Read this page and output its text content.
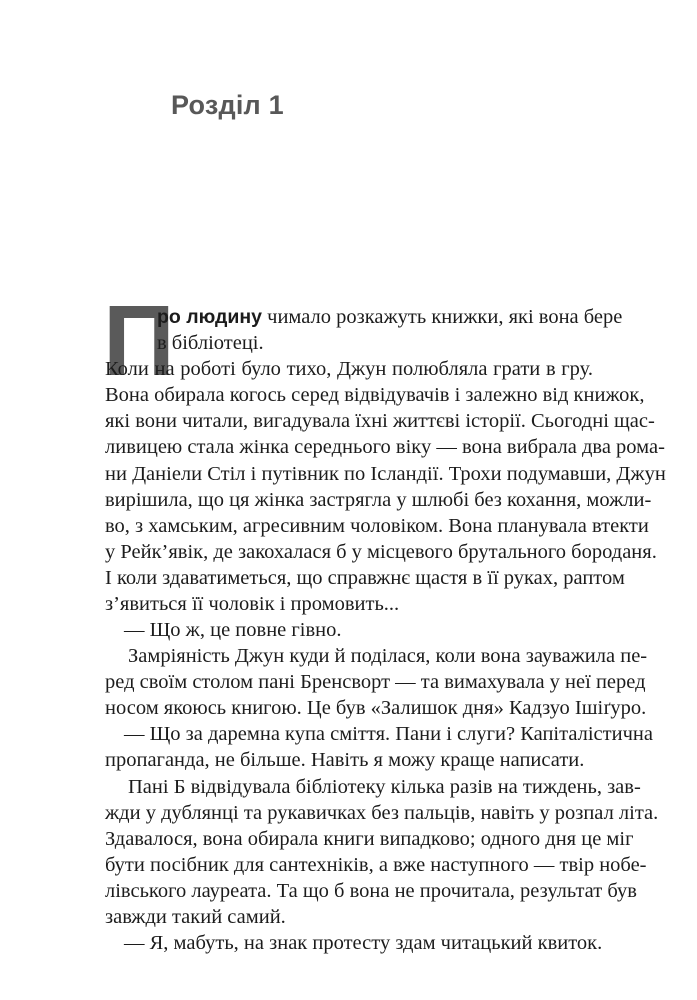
Розділ 1
П

ро людину чимало розкажуть книжки, які вона бере

в бібліотеці.

Коли на роботі було тихо, Джун полюбляла грати в гру.

Вона обирала когось серед відвідувачів і залежно від книжок,

які вони читали, вигадувала їхні життєві історії. Сьогодні щас-

ливицею стала жінка середнього віку — вона вибрала два рома-

ни Даніели Стіл і путівник по Ісландії. Трохи подумавши, Джун

вирішила, що ця жінка застрягла у шлюбі без кохання, можли-

во, з хамським, агресивним чоловіком. Вона планувала втекти

у Рейк’явік, де закохалася б у місцевого брутального бороданя.

І коли здаватиметься, що справжнє щастя в її руках, раптом

з’явиться її чоловік і промовить...

— Що ж, це повне гівно.

Замріяність Джун куди й поділася, коли вона зауважила пе-

ред своїм столом пані Бренсворт — та вимахувала у неї перед

носом якоюсь книгою. Це був «Залишок дня» Кадзуо Ішіґуро.

— Що за даремна купа сміття. Пани і слуги? Капіталістична

пропаганда, не більше. Навіть я можу краще написати.

Пані Б відвідувала бібліотеку кілька разів на тиждень, зав-

жди у дублянці та рукавичках без пальців, навіть у розпал літа.

Здавалося, вона обирала книги випадково; одного дня це міг

бути посібник для сантехніків, а вже наступного — твір нобе-

лівського лауреата. Та що б вона не прочитала, результат був

завжди такий самий.

— Я, мабуть, на знак протесту здам читацький квиток.
